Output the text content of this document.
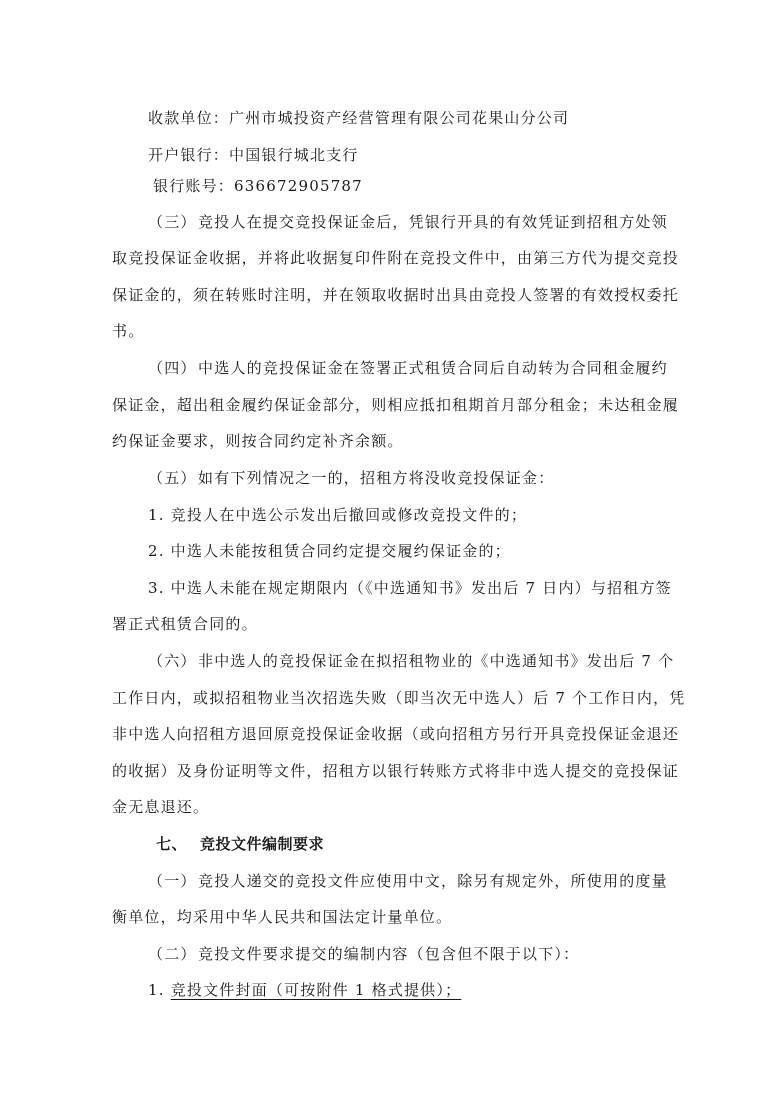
收款单位：广州市城投资产经营管理有限公司花果山分公司
开户银行：中国银行城北支行
银行账号：636672905787
（三）竞投人在提交竞投保证金后，凭银行开具的有效凭证到招租方处领
取竞投保证金收据，并将此收据复印件附在竞投文件中，由第三方代为提交竞投
保证金的，须在转账时注明，并在领取收据时出具由竞投人签署的有效授权委托
书。
（四）中选人的竞投保证金在签署正式租赁合同后自动转为合同租金履约
保证金，超出租金履约保证金部分，则相应抵扣租期首月部分租金；未达租金履
约保证金要求，则按合同约定补齐余额。
（五）如有下列情况之一的，招租方将没收竞投保证金：
1. 竞投人在中选公示发出后撤回或修改竞投文件的；
2. 中选人未能按租赁合同约定提交履约保证金的；
3. 中选人未能在规定期限内（《中选通知书》发出后 7 日内）与招租方签
署正式租赁合同的。
（六）非中选人的竞投保证金在拟招租物业的《中选通知书》发出后 7 个
工作日内，或拟招租物业当次招选失败（即当次无中选人）后 7 个工作日内，凭
非中选人向招租方退回原竞投保证金收据（或向招租方另行开具竞投保证金退还
的收据）及身份证明等文件，招租方以银行转账方式将非中选人提交的竞投保证
金无息退还。
七、 竞投文件编制要求
（一）竞投人递交的竞投文件应使用中文，除另有规定外，所使用的度量
衡单位，均采用中华人民共和国法定计量单位。
（二）竞投文件要求提交的编制内容（包含但不限于以下）：
1. 竞投文件封面（可按附件 1 格式提供）；
